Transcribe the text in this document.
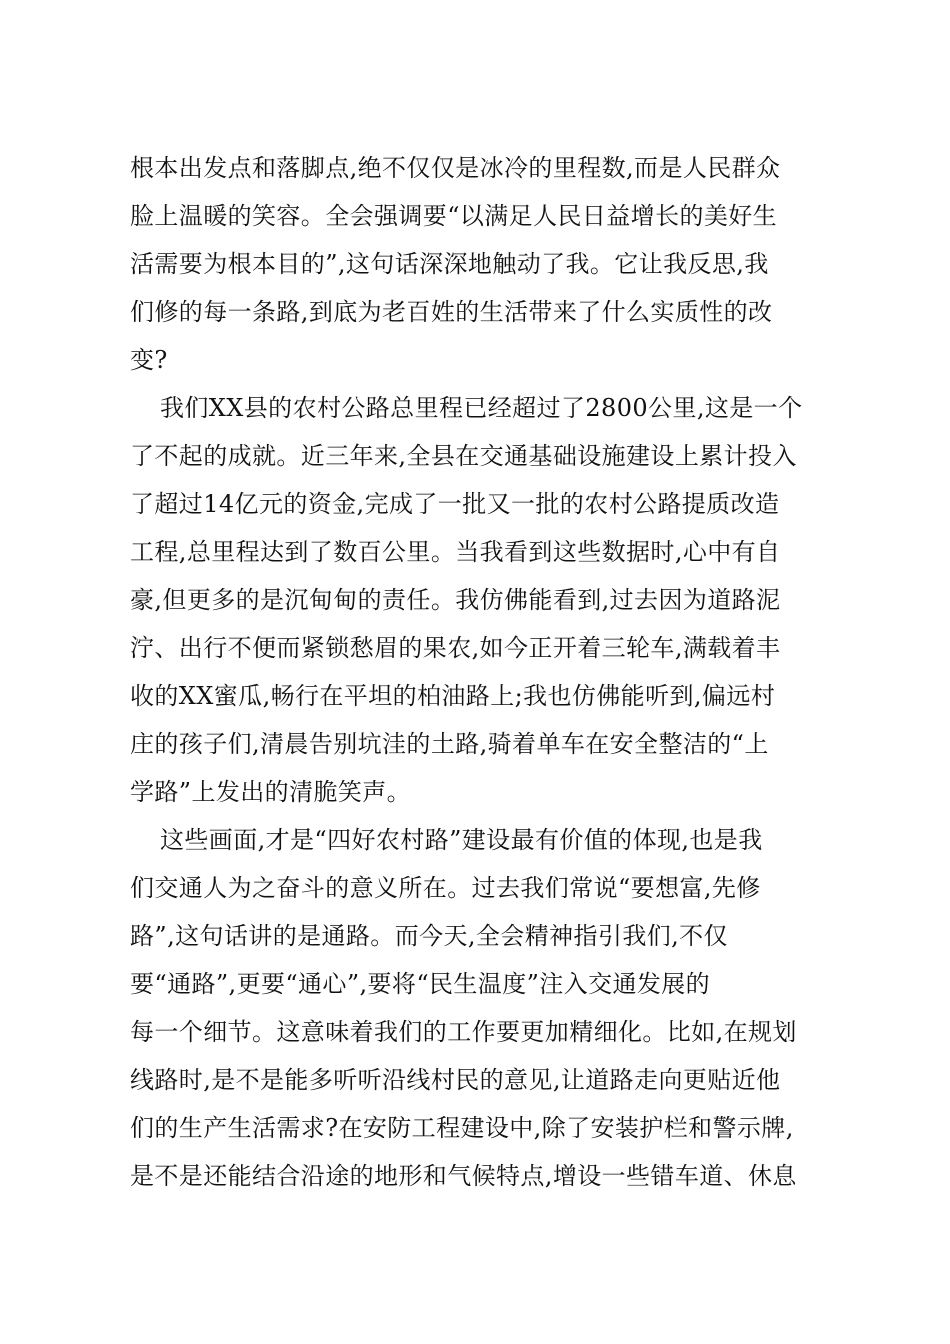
根本出发点和落脚点,绝不仅仅是冰冷的里程数,而是人民群众
脸上温暖的笑容。全会强调要“以满足人民日益增长的美好生
活需要为根本目的”,这句话深深地触动了我。它让我反思,我
们修的每一条路,到底为老百姓的生活带来了什么实质性的改
变?
我们XX县的农村公路总里程已经超过了2800公里,这是一个
了不起的成就。近三年来,全县在交通基础设施建设上累计投入
了超过14亿元的资金,完成了一批又一批的农村公路提质改造
工程,总里程达到了数百公里。当我看到这些数据时,心中有自
豪,但更多的是沉甸甸的责任。我仿佛能看到,过去因为道路泥
泞、出行不便而紧锁愁眉的果农,如今正开着三轮车,满载着丰
收的XX蜜瓜,畅行在平坦的柏油路上;我也仿佛能听到,偏远村
庄的孩子们,清晨告别坑洼的土路,骑着单车在安全整洁的“上
学路”上发出的清脆笑声。
这些画面,才是“四好农村路”建设最有价值的体现,也是我
们交通人为之奋斗的意义所在。过去我们常说“要想富,先修
路”,这句话讲的是通路。而今天,全会精神指引我们,不仅
要“通路”,更要“通心”,要将“民生温度”注入交通发展的
每一个细节。这意味着我们的工作要更加精细化。比如,在规划
线路时,是不是能多听听沿线村民的意见,让道路走向更贴近他
们的生产生活需求?在安防工程建设中,除了安装护栏和警示牌,
是不是还能结合沿途的地形和气候特点,增设一些错车道、休息
